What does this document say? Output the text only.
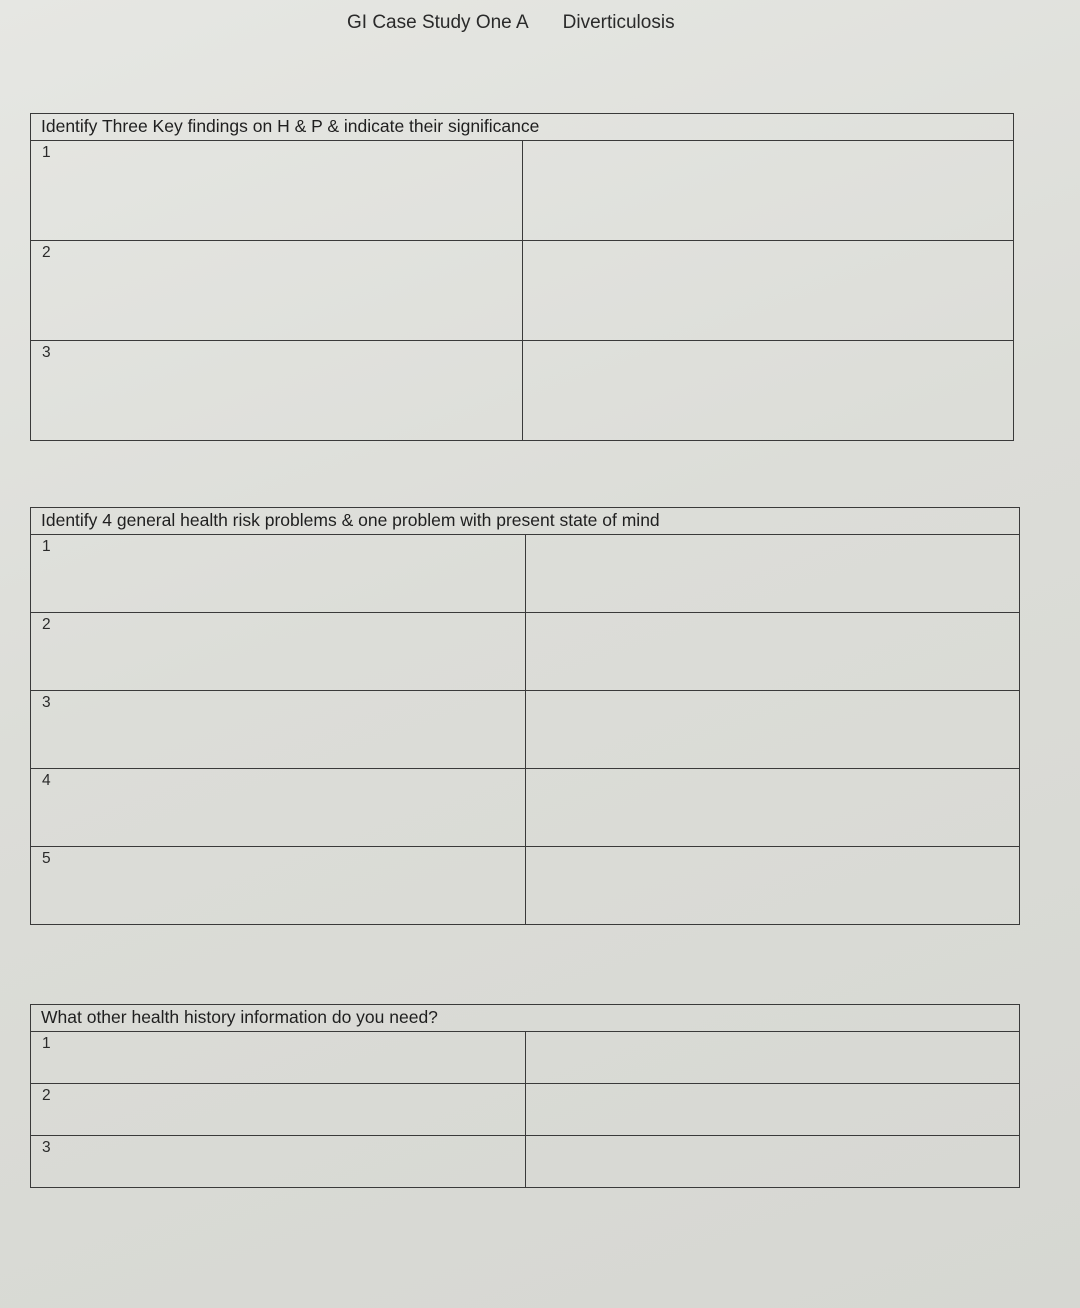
GI Case Study One A Diverticulosis
Identify Three Key findings on H & P & indicate their significance	
1	
2	
3	
Identify 4 general health risk problems & one problem with present state of mind	
1	
2	
3	
4	
5	
What other health history information do you need?	
1	
2	
3	
